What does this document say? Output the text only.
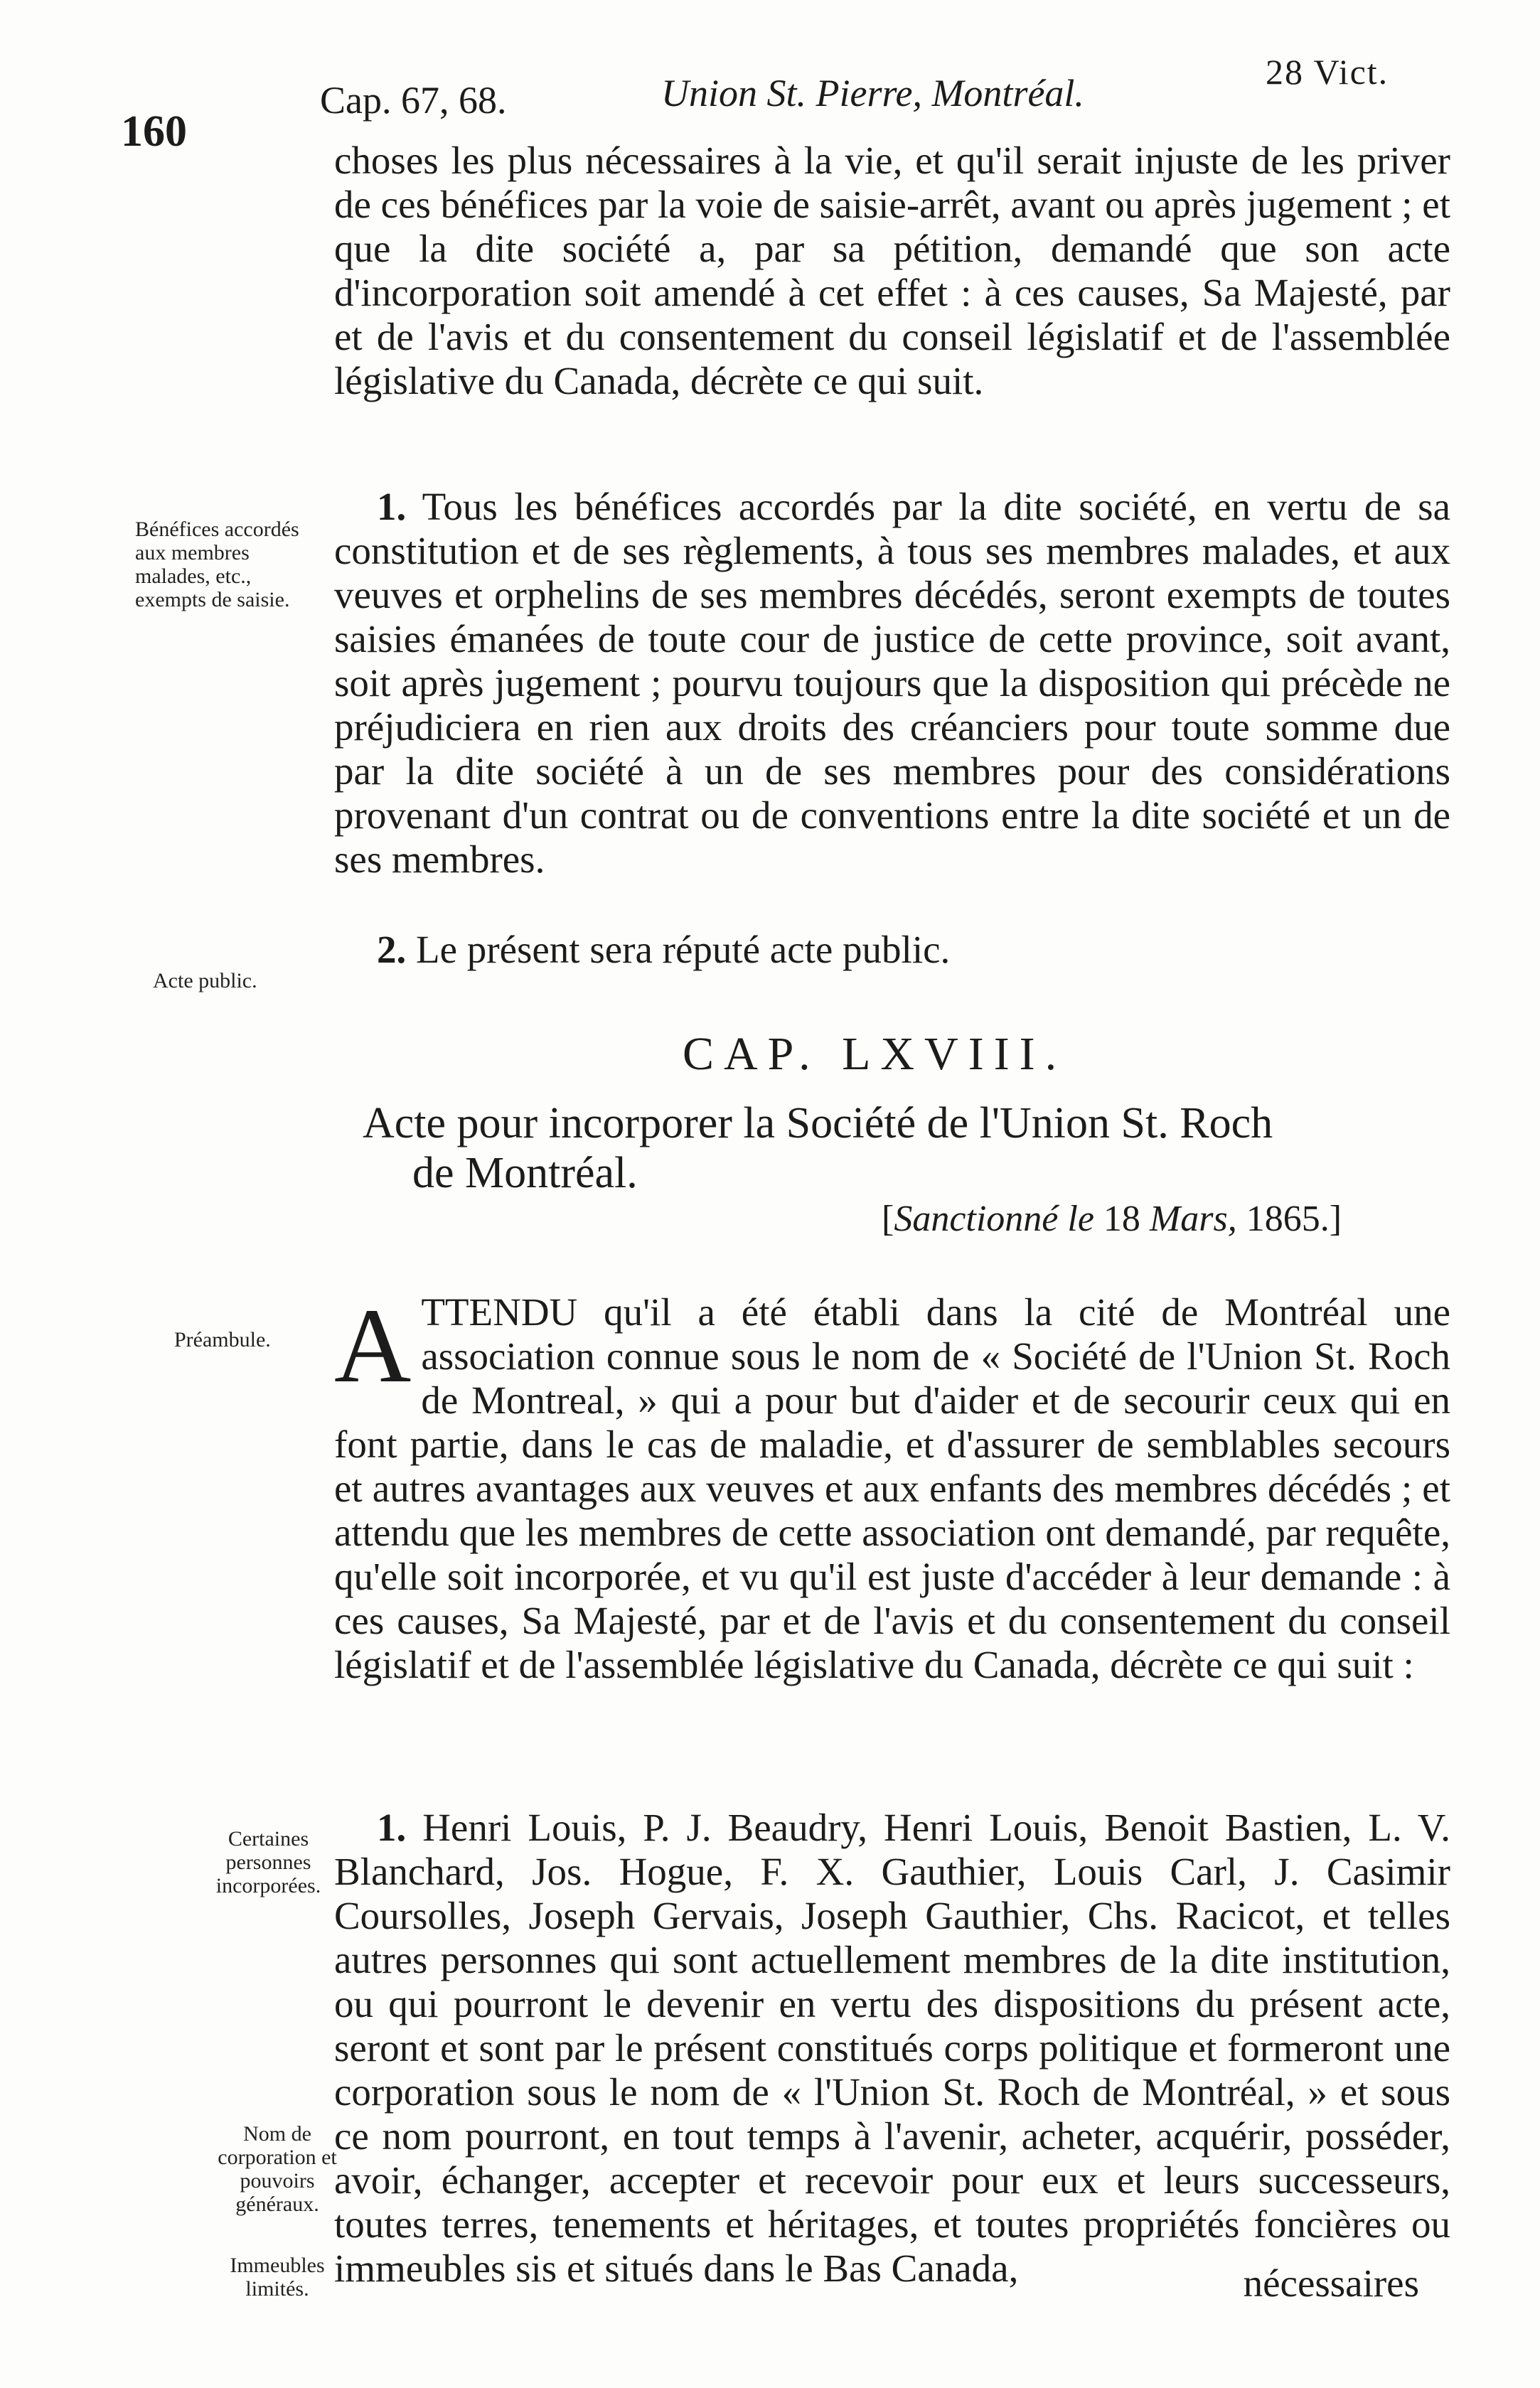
160
Cap. 67, 68.	Union St. Pierre, Montréal.	28 Vict.

choses les plus nécessaires à la vie, et qu'il serait injuste de les priver de ces bénéfices par la voie de saisie-arrêt, avant ou après jugement ; et que la dite société a, par sa pétition, demandé que son acte d'incorporation soit amendé à cet effet : à ces causes, Sa Majesté, par et de l'avis et du consentement du conseil législatif et de l'assemblée législative du Canada, décrète ce qui suit.

1. Tous les bénéfices accordés par la dite société, en vertu de sa constitution et de ses règlements, à tous ses membres malades, et aux veuves et orphelins de ses membres décédés, seront exempts de toutes saisies émanées de toute cour de justice de cette province, soit avant, soit après jugement ; pourvu toujours que la disposition qui précède ne préjudiciera en rien aux droits des créanciers pour toute somme due par la dite société à un de ses membres pour des considérations provenant d'un contrat ou de conventions entre la dite société et un de ses membres.

2. Le présent sera réputé acte public.

CAP. LXVIII.
Acte pour incorporer la Société de l'Union St. Roch
de Montréal.
[Sanctionné le 18 Mars, 1865.]

A TTENDU qu'il a été établi dans la cité de Montréal une association connue sous le nom de « Société de l'Union St. Roch de Montreal, » qui a pour but d'aider et de secourir ceux qui en font partie, dans le cas de maladie, et d'assurer de semblables secours et autres avantages aux veuves et aux enfants des membres décédés ; et attendu que les membres de cette association ont demandé, par requête, qu'elle soit incorporée, et vu qu'il est juste d'accéder à leur demande : à ces causes, Sa Majesté, par et de l'avis et du consentement du conseil législatif et de l'assemblée législative du Canada, décrète ce qui suit :

1. Henri Louis, P. J. Beaudry, Henri Louis, Benoit Bastien, L. V. Blanchard, Jos. Hogue, F. X. Gauthier, Louis Carl, J. Casimir Coursolles, Joseph Gervais, Joseph Gauthier, Chs. Racicot, et telles autres personnes qui sont actuellement membres de la dite institution, ou qui pourront le devenir en vertu des dispositions du présent acte, seront et sont par le présent constitués corps politique et formeront une corporation sous le nom de « l'Union St. Roch de Montréal, » et sous ce nom pourront, en tout temps à l'avenir, acheter, acquérir, posséder, avoir, échanger, accepter et recevoir pour eux et leurs successeurs, toutes terres, tenements et héritages, et toutes propriétés foncières ou immeubles sis et situés dans le Bas Canada,	nécessaires
Bénéfices accordés aux membres malades, etc., exempts de saisie.
Acte public.
Préambule.
Certaines personnes incorporées.
Nom de corporation et pouvoirs généraux.
Immeubles limités.
